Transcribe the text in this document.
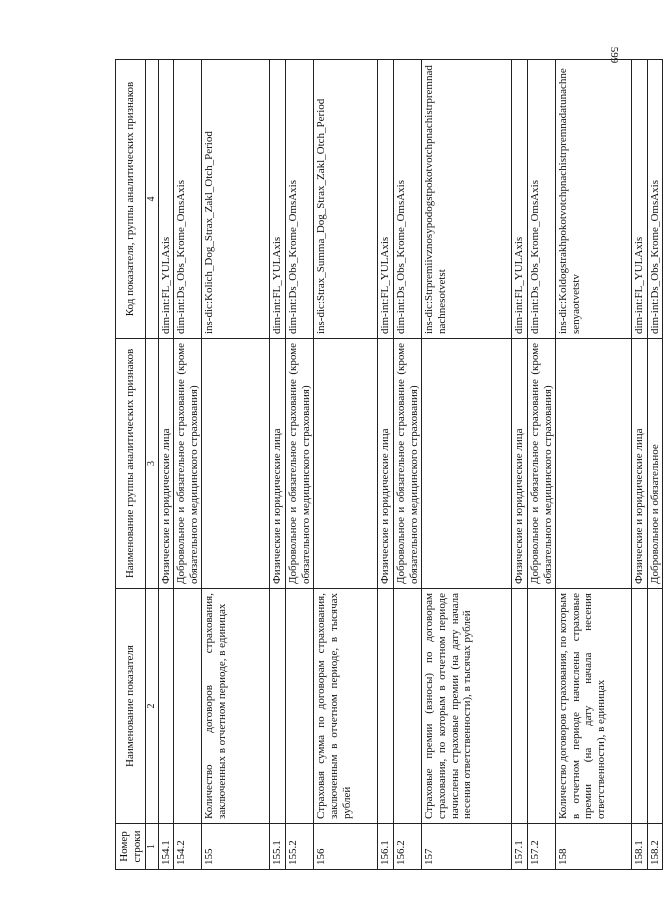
599
Номер строки	Наименование показателя	Наименование группы аналитических признаков	Код показателя, группы аналитических признаков
1	2	3	4
154.1		Физические и юридические лица	dim-int:FL_YULAxis
154.2		Добровольное и обязательное страхование (кроме обязательного медицинского страхования)	dim-int:Ds_Obs_Krome_OmsAxis
155	Количество договоров страхования, заключенных в отчетном периоде, в единицах		ins-dic:Kolich_Dog_Strax_Zakl_Otch_Period
155.1		Физические и юридические лица	dim-int:FL_YULAxis
155.2		Добровольное и обязательное страхование (кроме обязательного медицинского страхования)	dim-int:Ds_Obs_Krome_OmsAxis
156	Страховая сумма по договорам страхования, заключенным в отчетном периоде, в тысячах рублей		ins-dic:Strax_Summa_Dog_Strax_Zakl_Otch_Period
156.1		Физические и юридические лица	dim-int:FL_YULAxis
156.2		Добровольное и обязательное страхование (кроме обязательного медицинского страхования)	dim-int:Ds_Obs_Krome_OmsAxis
157	Страховые премии (взносы) по договорам страхования, по которым в отчетном периоде начислены страховые премии (на дату начала несения ответственности), в тысячах рублей		ins-dic:Strpremiivznosypodogstpokotvotchpnachistrpremnadnachnesotvetst
157.1		Физические и юридические лица	dim-int:FL_YULAxis
157.2		Добровольное и обязательное страхование (кроме обязательного медицинского страхования)	dim-int:Ds_Obs_Krome_OmsAxis
158	Количество договоров страхования, по которым в отчетном периоде начислены страховые премии (на дату начала несения ответственности), в единицах		ins-dic:Koldogstrakhpokotvotchpnachistrpremnadatunachnesenyaotvetstv
158.1		Физические и юридические лица	dim-int:FL_YULAxis
158.2		Добровольное и обязательное	dim-int:Ds_Obs_Krome_OmsAxis
